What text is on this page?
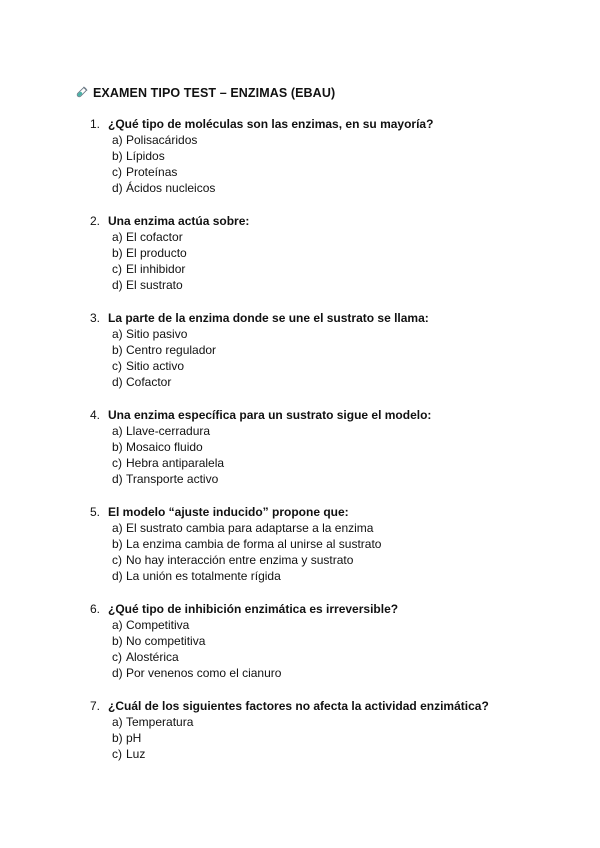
EXAMEN TIPO TEST – ENZIMAS (EBAU)
1. ¿Qué tipo de moléculas son las enzimas, en su mayoría?
a) Polisacáridos
b) Lípidos
c) Proteínas
d) Ácidos nucleicos
2. Una enzima actúa sobre:
a) El cofactor
b) El producto
c) El inhibidor
d) El sustrato
3. La parte de la enzima donde se une el sustrato se llama:
a) Sitio pasivo
b) Centro regulador
c) Sitio activo
d) Cofactor
4. Una enzima específica para un sustrato sigue el modelo:
a) Llave-cerradura
b) Mosaico fluido
c) Hebra antiparalela
d) Transporte activo
5. El modelo “ajuste inducido” propone que:
a) El sustrato cambia para adaptarse a la enzima
b) La enzima cambia de forma al unirse al sustrato
c) No hay interacción entre enzima y sustrato
d) La unión es totalmente rígida
6. ¿Qué tipo de inhibición enzimática es irreversible?
a) Competitiva
b) No competitiva
c) Alostérica
d) Por venenos como el cianuro
7. ¿Cuál de los siguientes factores no afecta la actividad enzimática?
a) Temperatura
b) pH
c) Luz
